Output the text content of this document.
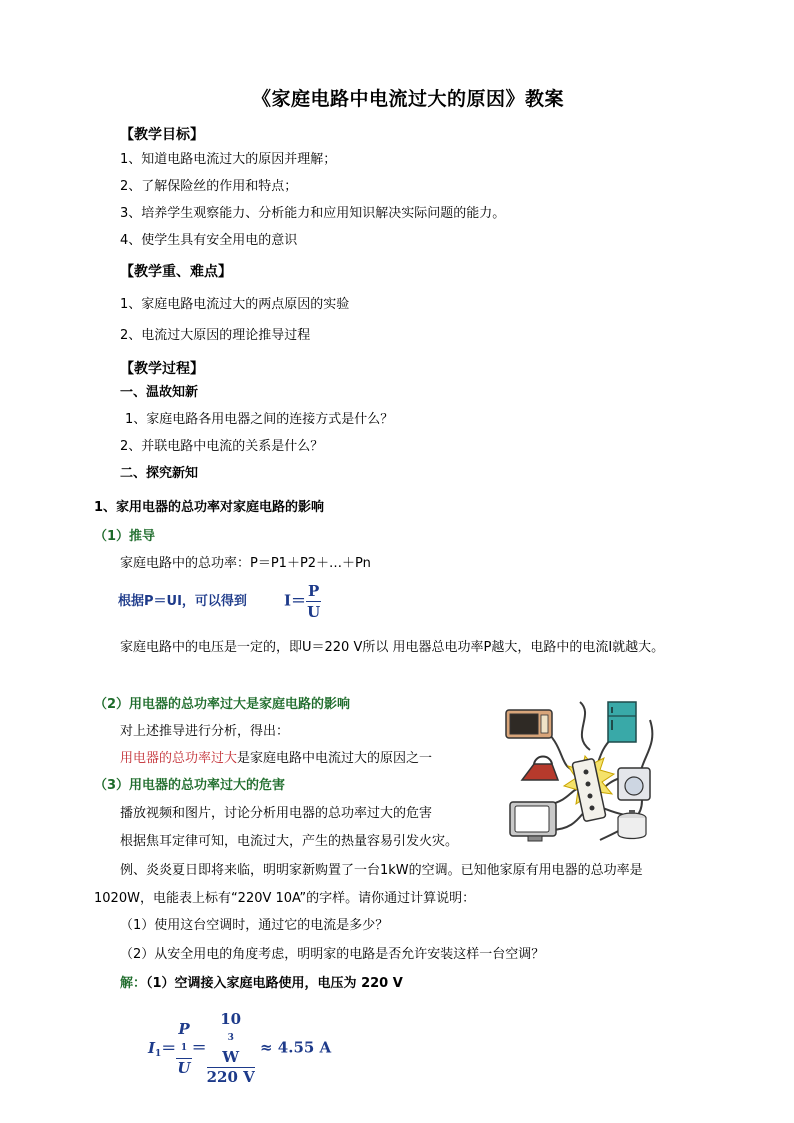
《家庭电路中电流过大的原因》教案
【教学目标】
1、知道电路电流过大的原因并理解；
2、了解保险丝的作用和特点；
3、培养学生观察能力、分析能力和应用知识解决实际问题的能力。
4、使学生具有安全用电的意识
【教学重、难点】
1、家庭电路电流过大的两点原因的实验
2、电流过大原因的理论推导过程
【教学过程】
一、温故知新
1、家庭电路各用电器之间的连接方式是什么？
2、并联电路中电流的关系是什么？
二、探究新知
1、家用电器的总功率对家庭电路的影响
（1）推导
家庭电路中的总功率：P＝P1＋P2＋…＋Pn
根据P＝UI，可以得到 $I= \frac{P}{U}$
家庭电路中的电压是一定的，即U＝220 V所以 用电器总电功率P越大，电路中的电流I就越大。
（2）用电器的总功率过大是家庭电路的影响
对上述推导进行分析，得出：
用电器的总功率过大是家庭电路中电流过大的原因之一
（3）用电器的总功率过大的危害
播放视频和图片，讨论分析用电器的总功率过大的危害
根据焦耳定律可知，电流过大，产生的热量容易引发火灾。
例、炎炎夏日即将来临，明明家新购置了一台1kW的空调。已知他家原有用电器的总功率是
1020W，电能表上标有“220V 10A”的字样。请你通过计算说明：
（1）使用这台空调时，通过它的电流是多少？
（2）从安全用电的角度考虑，明明家的电路是否允许安装这样一台空调？
解：（1）空调接入家庭电路使用，电压为 220 V
$I_1= P$
1
U ＝ 10
3
W
220 V ≈ 4.55 A
